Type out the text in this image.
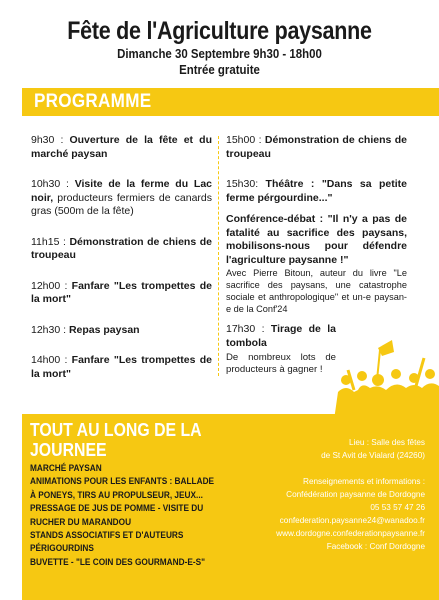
Fête de l'Agriculture paysanne
Dimanche 30 Septembre 9h30 - 18h00
Entrée gratuite
PROGRAMME
9h30 : Ouverture de la fête et du marché paysan
10h30 : Visite de la ferme du Lac noir, producteurs fermiers de canards gras (500m de la fête)
11h15 : Démonstration de chiens de troupeau
12h00 : Fanfare "Les trompettes de la mort"
12h30 : Repas paysan
14h00 : Fanfare "Les trompettes de la mort"
15h00 : Démonstration de chiens de troupeau
15h30: Théâtre : "Dans sa petite ferme pérgourdine..."
Conférence-débat : "Il n'y a pas de fatalité au sacrifice des paysans, mobilisons-nous pour défendre l'agriculture paysanne !"
Avec Pierre Bitoun, auteur du livre "Le sacrifice des paysans, une catastrophe sociale et anthropologique" et un-e paysan-e de la Conf'24
17h30 : Tirage de la tombola
De nombreux lots de producteurs à gagner !
TOUT AU LONG DE LA JOURNEE
MARCHÉ PAYSAN
ANIMATIONS POUR LES ENFANTS : BALLADE À PONEYS, TIRS AU PROPULSEUR, JEUX...
PRESSAGE DE JUS DE POMME - VISITE DU RUCHER DU MARANDOU
STANDS ASSOCIATIFS ET D'AUTEURS PÉRIGOURDINS
BUVETTE - "LE COIN DES GOURMAND-E-S"
Lieu : Salle des fêtes
de St Avit de Vialard (24260)
Renseignements et informations :
Confédération paysanne de Dordogne
05 53 57 47 26
confederation.paysanne24@wanadoo.fr
www.dordogne.confederationpaysanne.fr
Facebook : Conf Dordogne
